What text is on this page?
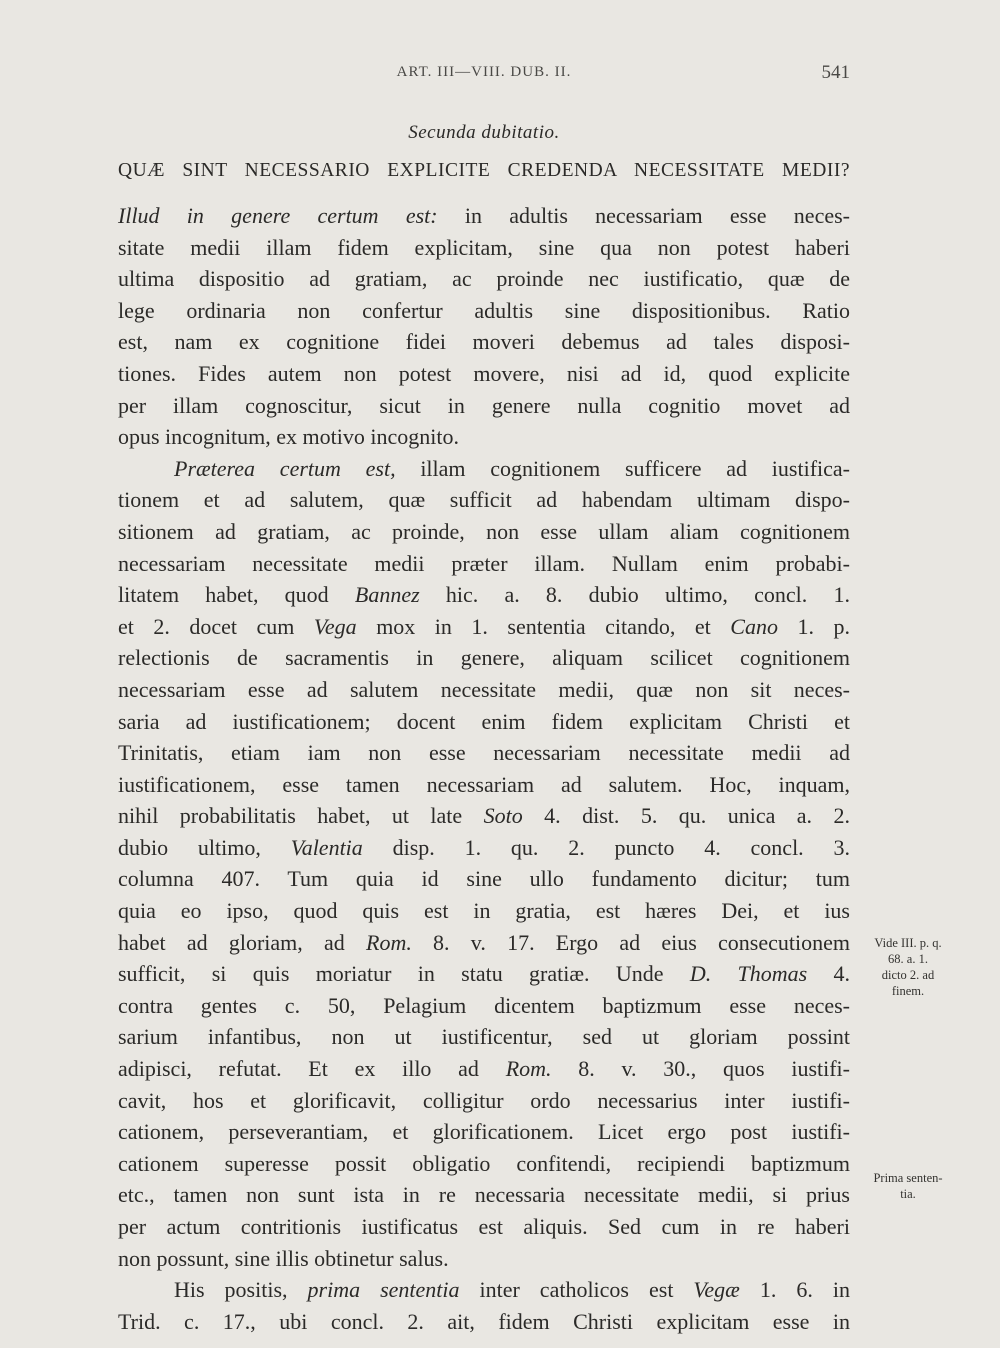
ART. III—VIII. DUB. II.	541
Secunda dubitatio.
QUÆ SINT NECESSARIO EXPLICITE CREDENDA NECESSITATE MEDII?
Illud in genere certum est: in adultis necessariam esse neces-
sitate medii illam fidem explicitam, sine qua non potest haberi
ultima dispositio ad gratiam, ac proinde nec iustificatio, quæ de
lege ordinaria non confertur adultis sine dispositionibus. Ratio
est, nam ex cognitione fidei moveri debemus ad tales disposi-
tiones. Fides autem non potest movere, nisi ad id, quod explicite
per illam cognoscitur, sicut in genere nulla cognitio movet ad
opus incognitum, ex motivo incognito.
Præterea certum est, illam cognitionem sufficere ad iustifica-
tionem et ad salutem, quæ sufficit ad habendam ultimam dispo-
sitionem ad gratiam, ac proinde, non esse ullam aliam cognitionem
necessariam necessitate medii præter illam. Nullam enim probabi-
litatem habet, quod Bannez hic. a. 8. dubio ultimo, concl. 1.
et 2. docet cum Vega mox in 1. sententia citando, et Cano 1. p.
relectionis de sacramentis in genere, aliquam scilicet cognitionem
necessariam esse ad salutem necessitate medii, quæ non sit neces-
saria ad iustificationem; docent enim fidem explicitam Christi et
Trinitatis, etiam iam non esse necessariam necessitate medii ad
iustificationem, esse tamen necessariam ad salutem. Hoc, inquam,
nihil probabilitatis habet, ut late Soto 4. dist. 5. qu. unica a. 2.
dubio ultimo, Valentia disp. 1. qu. 2. puncto 4. concl. 3.
columna 407. Tum quia id sine ullo fundamento dicitur; tum
quia eo ipso, quod quis est in gratia, est hæres Dei, et ius
habet ad gloriam, ad Rom. 8. v. 17. Ergo ad eius consecutionem
sufficit, si quis moriatur in statu gratiæ. Unde D. Thomas 4.
contra gentes c. 50, Pelagium dicentem baptizmum esse neces-
sarium infantibus, non ut iustificentur, sed ut gloriam possint
adipisci, refutat. Et ex illo ad Rom. 8. v. 30., quos iustifi-
cavit, hos et glorificavit, colligitur ordo necessarius inter iustifi-
cationem, perseverantiam, et glorificationem. Licet ergo post iustifi-
cationem superesse possit obligatio confitendi, recipiendi baptizmum
etc., tamen non sunt ista in re necessaria necessitate medii, si prius
per actum contritionis iustificatus est aliquis. Sed cum in re haberi
non possunt, sine illis obtinetur salus.
His positis, prima sententia inter catholicos est Vegæ 1. 6. in
Trid. c. 17., ubi concl. 2. ait, fidem Christi explicitam esse in
Vide III. p. q.
68. a. 1.
dicto 2. ad
finem.
Prima senten-
tia.
